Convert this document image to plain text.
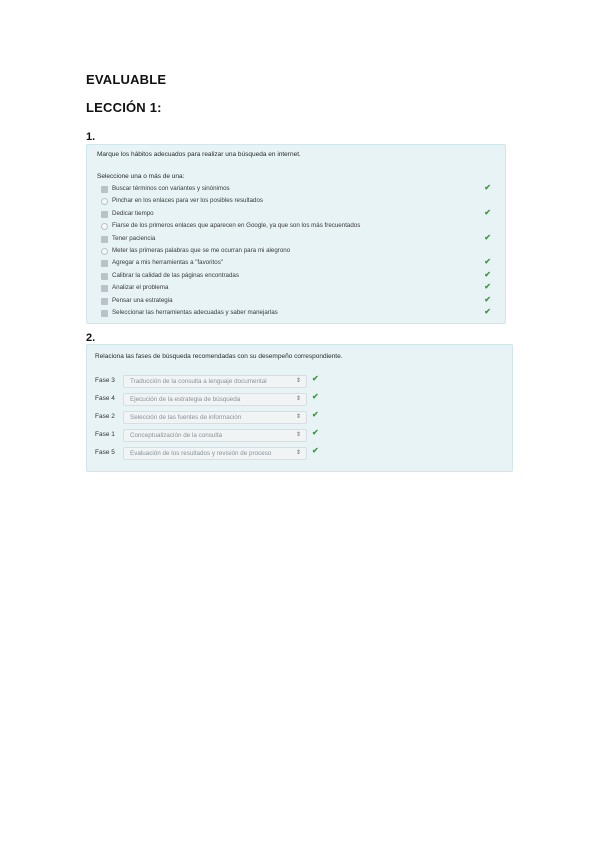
EVALUABLE
LECCIÓN 1:
1.
Marque los hábitos adecuados para realizar una búsqueda en internet.
Seleccione una o más de una:
Buscar términos con variantes y sinónimos	✔
Pinchar en los enlaces para ver los posibles resultados
Dedicar tiempo	✔
Fiarse de los primeros enlaces que aparecen en Google, ya que son los más frecuentados
Tener paciencia	✔
Meter las primeras palabras que se me ocurran para mi alegrono
Agregar a mis herramientas a "favoritos"	✔
Calibrar la calidad de las páginas encontradas	✔
Analizar el problema	✔
Pensar una estrategia	✔
Seleccionar las herramientas adecuadas y saber manejarlas	✔
2.
Relaciona las fases de búsqueda recomendadas con su desempeño correspondiente.
Fase 3 Traducción de la consulta a lenguaje documental	⇕ ✔
Fase 4 Ejecución de la estrategia de búsqueda	⇕ ✔
Fase 2 Selección de las fuentes de información	⇕ ✔
Fase 1 Conceptualización de la consulta	⇕ ✔
Fase 5 Evaluación de los resultados y revisión de proceso	⇕ ✔
